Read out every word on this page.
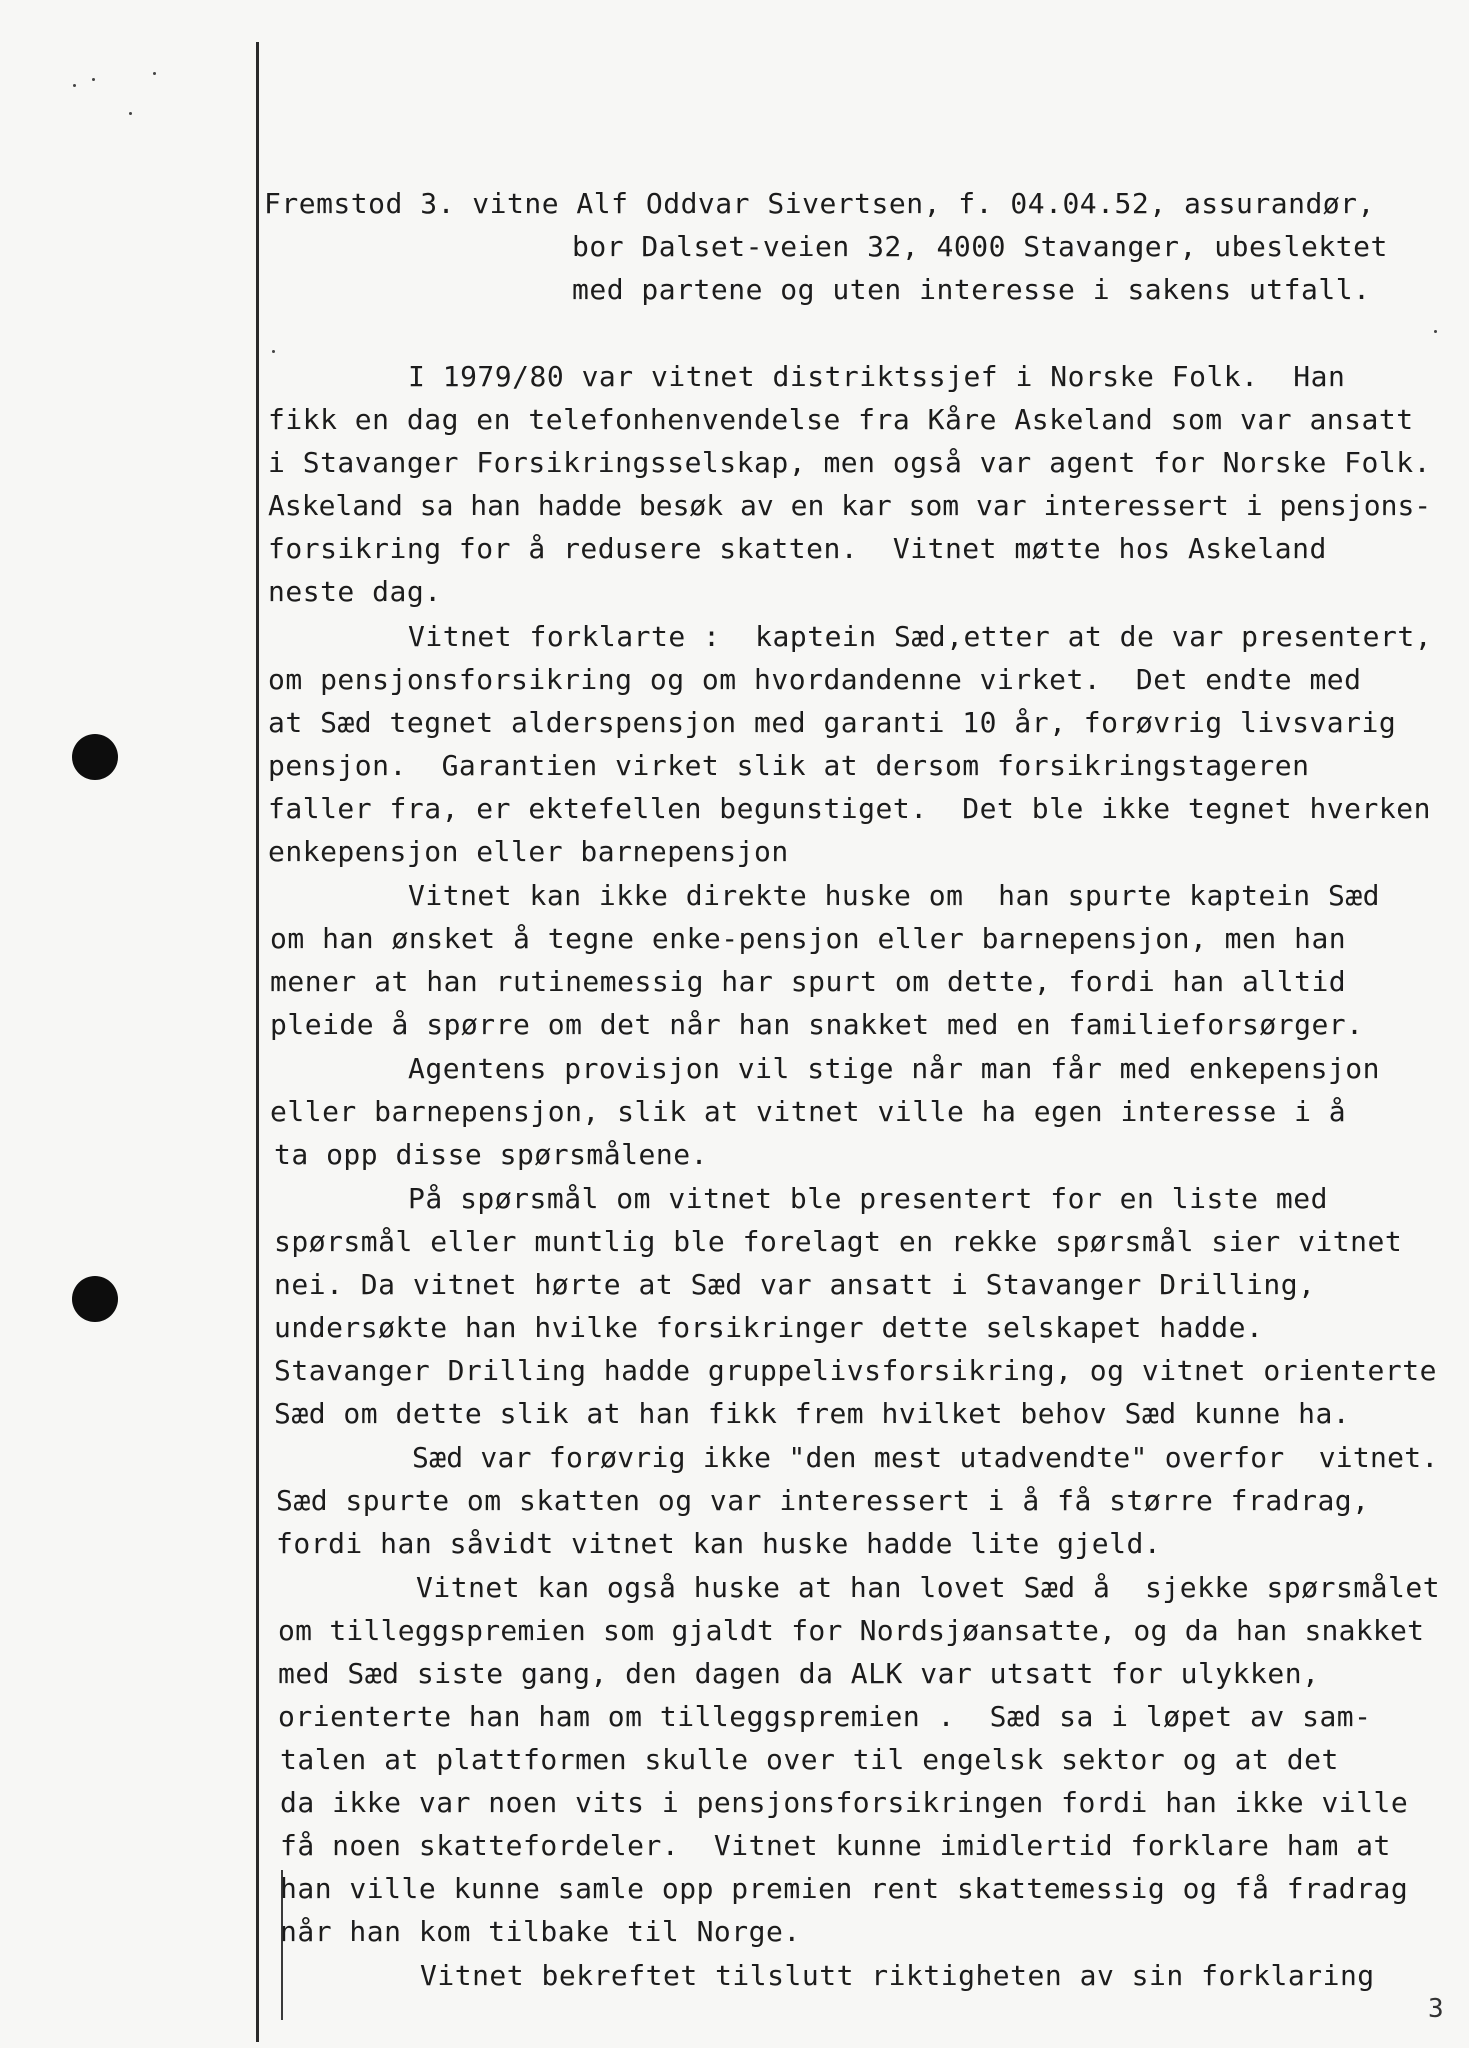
Fremstod 3. vitne Alf Oddvar Sivertsen, f. 04.04.52, assurandør,

bor Dalset-veien 32, 4000 Stavanger, ubeslektet

med partene og uten interesse i sakens utfall.

I 1979/80 var vitnet distriktssjef i Norske Folk.  Han

fikk en dag en telefonhenvendelse fra Kåre Askeland som var ansatt

i Stavanger Forsikringsselskap, men også var agent for Norske Folk.

Askeland sa han hadde besøk av en kar som var interessert i pensjons-

forsikring for å redusere skatten.  Vitnet møtte hos Askeland

neste dag.

Vitnet forklarte :  kaptein Sæd,etter at de var presentert,

om pensjonsforsikring og om hvordandenne virket.  Det endte med

at Sæd tegnet alderspensjon med garanti 10 år, forøvrig livsvarig

pensjon.  Garantien virket slik at dersom forsikringstageren

faller fra, er ektefellen begunstiget.  Det ble ikke tegnet hverken

enkepensjon eller barnepensjon

Vitnet kan ikke direkte huske om  han spurte kaptein Sæd

om han ønsket å tegne enke-pensjon eller barnepensjon, men han

mener at han rutinemessig har spurt om dette, fordi han alltid

pleide å spørre om det når han snakket med en familieforsørger.

Agentens provisjon vil stige når man får med enkepensjon

eller barnepensjon, slik at vitnet ville ha egen interesse i å

ta opp disse spørsmålene.

På spørsmål om vitnet ble presentert for en liste med

spørsmål eller muntlig ble forelagt en rekke spørsmål sier vitnet

nei. Da vitnet hørte at Sæd var ansatt i Stavanger Drilling,

undersøkte han hvilke forsikringer dette selskapet hadde.

Stavanger Drilling hadde gruppelivsforsikring, og vitnet orienterte

Sæd om dette slik at han fikk frem hvilket behov Sæd kunne ha.

Sæd var forøvrig ikke "den mest utadvendte" overfor  vitnet.

Sæd spurte om skatten og var interessert i å få større fradrag,

fordi han såvidt vitnet kan huske hadde lite gjeld.

Vitnet kan også huske at han lovet Sæd å  sjekke spørsmålet

om tilleggspremien som gjaldt for Nordsjøansatte, og da han snakket

med Sæd siste gang, den dagen da ALK var utsatt for ulykken,

orienterte han ham om tilleggspremien .  Sæd sa i løpet av sam-

talen at plattformen skulle over til engelsk sektor og at det

da ikke var noen vits i pensjonsforsikringen fordi han ikke ville

få noen skattefordeler.  Vitnet kunne imidlertid forklare ham at

han ville kunne samle opp premien rent skattemessig og få fradrag

når han kom tilbake til Norge.

Vitnet bekreftet tilslutt riktigheten av sin forklaring

3
